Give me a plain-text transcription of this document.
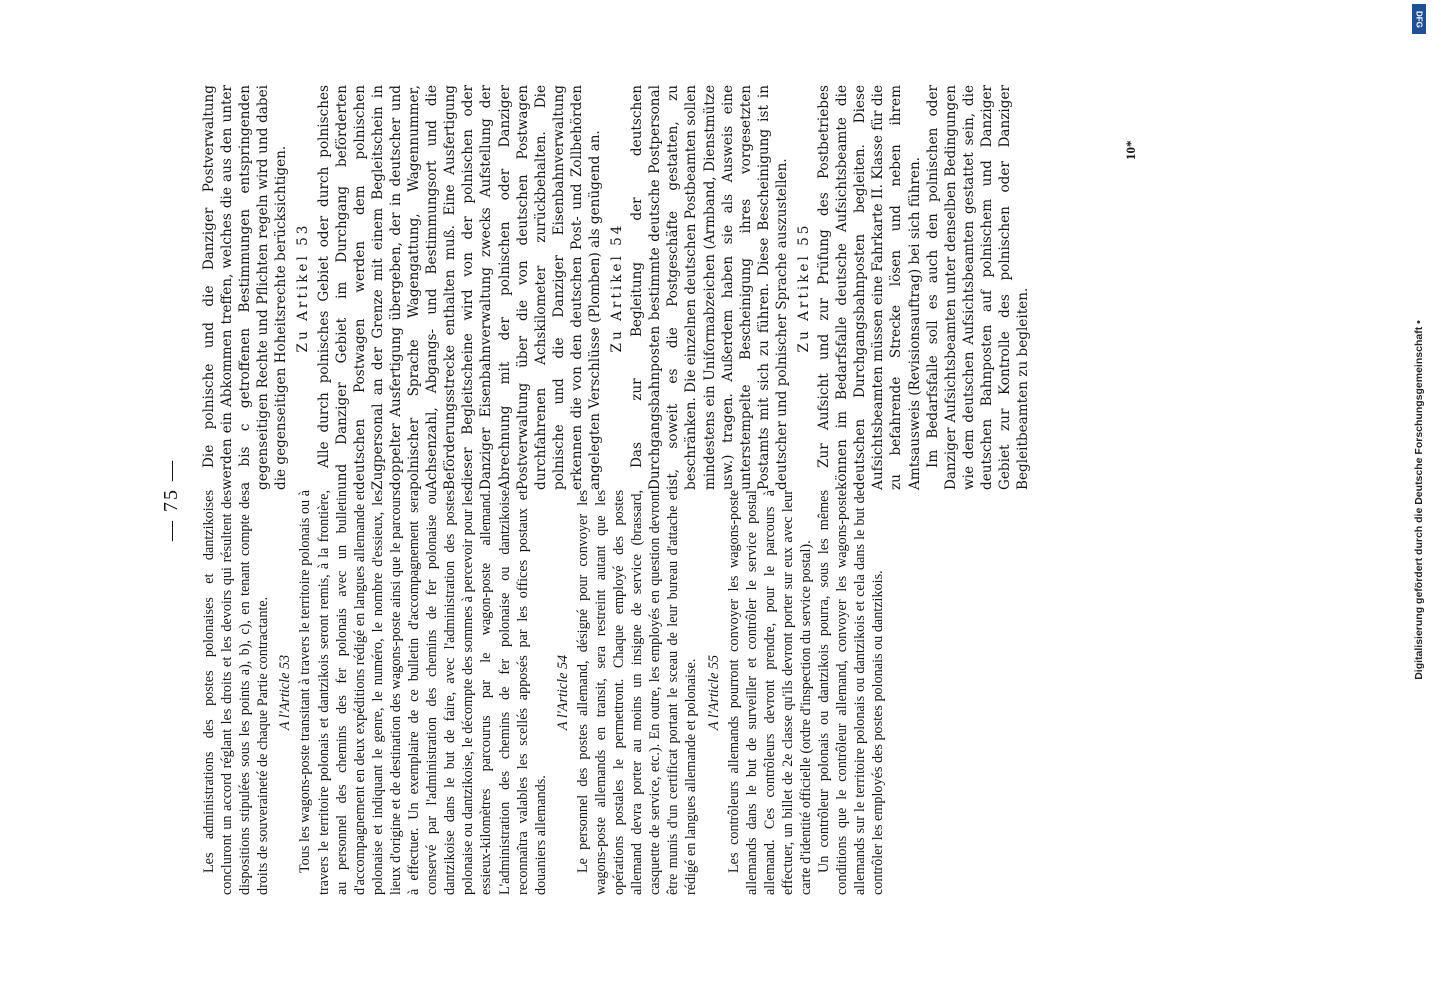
— 75 — Les administrations des postes polonaises et dantzikoises concluront un accord réglant les droits et les devoirs qui résultent des dispositions stipulées sous les points a), b), c), en tenant compte des droits de souveraineté de chaque Partie contractante. A l'Article 53 Tous les wagons-poste transitant à travers le territoire polonais ou à travers le territoire polonais et dantzikois seront remis, à la frontière, au personnel des chemins des fer polonais avec un bulletin d'accompagnement en deux expéditions rédigé en langues allemande et polonaise et indiquant le genre, le numéro, le nombre d'essieux, les lieux d'origine et de destination des wagons-poste ainsi que le parcours à effectuer. Un exemplaire de ce bulletin d'accompagnement sera conservé par l'administration des chemins de fer polonaise ou dantzikoise dans le but de faire, avec l'administration des postes polonaise ou dantzikoise, le décompte des sommes à percevoir pour les essieux-kilomètres parcourus par le wagon-poste allemand. L'administration des chemins de fer polonaise ou dantzikoise reconnaîtra valables les scellés apposés par les offices postaux et douaniers allemands.

A l'Article 54 Le personnel des postes allemand, désigné pour convoyer les wagons-poste allemands en transit, sera restreint autant que les opérations postales le permettront. Chaque employé des postes allemand devra porter au moins un insigne de service (brassard, casquette de service, etc.). En outre, les employés en question devront être munis d'un certificat portant le sceau de leur bureau d'attache et rédigé en langues allemande et polonaise. A l'Article 55 Les contrôleurs allemands pourront convoyer les wagons-poste allemands dans le but de surveiller et contrôler le service postal allemand. Ces contrôleurs devront prendre, pour le parcours à effectuer, un billet de 2e classe qu'ils devront porter sur eux avec leur carte d'identité officielle (ordre d'inspection du service postal). Un contrôleur polonais ou dantzikois pourra, sous les mêmes conditions que le contrôleur allemand, convoyer les wagons-poste allemands sur le territoire polonais ou dantzikois et cela dans le but de contrôler les employés des postes polonais ou dantzikois.

Die polnische und die Danziger Postverwaltung werden ein Abkommen treffen, welches die aus den unter a bis c getroffenen Bestimmungen entspringenden gegenseitigen Rechte und Pflichten regeln wird und dabei die gegenseitigen Hoheitsrechte berücksichtigen. Zu Artikel 53 Alle durch polnisches Gebiet oder durch polnisches und Danziger Gebiet im Durchgang beförderten deutschen Postwagen werden dem polnischen Zugpersonal an der Grenze mit einem Begleitschein in doppelter Ausfertigung übergeben, der in deutscher und polnischer Sprache Wagengattung, Wagennummer, Achsenzahl, Abgangs- und Bestimmungsort und die Beförderungsstrecke enthalten muß. Eine Ausfertigung dieser Begleitscheine wird von der polnischen oder Danziger Eisenbahnverwaltung zwecks Aufstellung der Abrechnung mit der polnischen oder Danziger Postverwaltung über die von deutschen Postwagen durchfahrenen Achskilometer zurückbehalten. Die polnische und die Danziger Eisenbahnverwaltung erkennen die von den deutschen Post- und Zollbehörden angelegten Verschlüsse (Plomben) als genügend an. Zu Artikel 54 Das zur Begleitung der deutschen Durchgangsbahnposten bestimmte deutsche Postpersonal ist, soweit es die Postgeschäfte gestatten, zu beschränken. Die einzelnen deutschen Postbeamten sollen mindestens ein Uniformabzeichen (Armband, Dienstmütze usw.) tragen. Außerdem haben sie als Ausweis eine unterstempelte Bescheinigung ihres vorgesetzten Postamts mit sich zu führen. Diese Bescheinigung ist in deutscher und polnischer Sprache auszustellen. Zu Artikel 55 Zur Aufsicht und zur Prüfung des Postbetriebes können im Bedarfsfalle deutsche Aufsichtsbeamte die deutschen Durchgangsbahnposten begleiten. Diese Aufsichtsbeamten müssen eine Fahrkarte II. Klasse für die zu befahrende Strecke lösen und neben ihrem Amtsausweis (Revisionsauftrag) bei sich führen. Im Bedarfsfalle soll es auch den polnischen oder Danziger Aufsichtsbeamten unter denselben Bedingungen wie dem deutschen Aufsichtsbeamten gestattet sein, die deutschen Bahnposten auf polnischem und Danziger Gebiet zur Kontrolle des polnischen oder Danziger Begleitbeamten zu begleiten.

10*
DFG
Digitalisierung gefördert durch die Deutsche Forschungsgemeinschaft •
